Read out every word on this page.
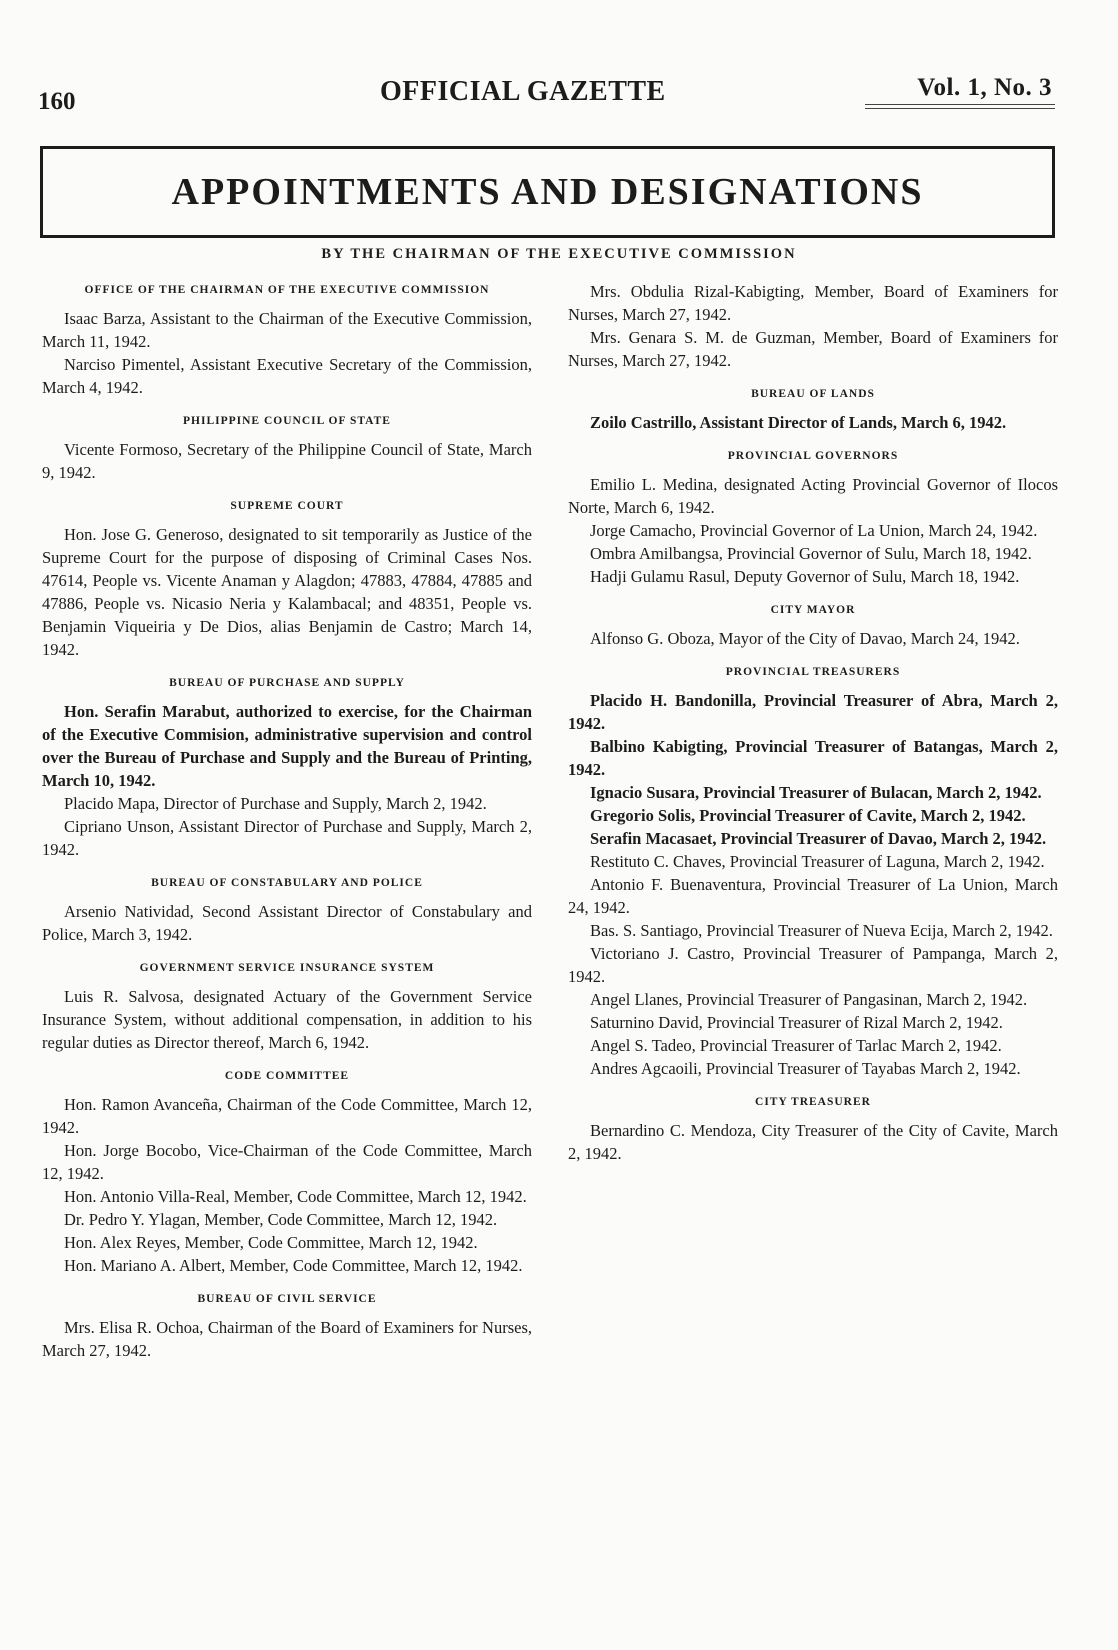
160	OFFICIAL GAZETTE	Vol. 1, No. 3
APPOINTMENTS AND DESIGNATIONS
BY THE CHAIRMAN OF THE EXECUTIVE COMMISSION
OFFICE OF THE CHAIRMAN OF THE EXECUTIVE COMMISSION

Isaac Barza, Assistant to the Chairman of the Executive Commission, March 11, 1942.

Narciso Pimentel, Assistant Executive Secretary of the Commission, March 4, 1942.

PHILIPPINE COUNCIL OF STATE

Vicente Formoso, Secretary of the Philippine Council of State, March 9, 1942.

SUPREME COURT

Hon. Jose G. Generoso, designated to sit temporarily as Justice of the Supreme Court for the purpose of disposing of Criminal Cases Nos. 47614, People vs. Vicente Anaman y Alagdon; 47883, 47884, 47885 and 47886, People vs. Nicasio Neria y Kalambacal; and 48351, People vs. Benjamin Viqueiria y De Dios, alias Benjamin de Castro; March 14, 1942.

BUREAU OF PURCHASE AND SUPPLY

Hon. Serafin Marabut, authorized to exercise, for the Chairman of the Executive Commision, administrative supervision and control over the Bureau of Purchase and Supply and the Bureau of Printing, March 10, 1942.

Placido Mapa, Director of Purchase and Supply, March 2, 1942.

Cipriano Unson, Assistant Director of Purchase and Supply, March 2, 1942.

BUREAU OF CONSTABULARY AND POLICE

Arsenio Natividad, Second Assistant Director of Constabulary and Police, March 3, 1942.

GOVERNMENT SERVICE INSURANCE SYSTEM

Luis R. Salvosa, designated Actuary of the Government Service Insurance System, without additional compensation, in addition to his regular duties as Director thereof, March 6, 1942.

CODE COMMITTEE

Hon. Ramon Avanceña, Chairman of the Code Committee, March 12, 1942.

Hon. Jorge Bocobo, Vice-Chairman of the Code Committee, March 12, 1942.

Hon. Antonio Villa-Real, Member, Code Committee, March 12, 1942.

Dr. Pedro Y. Ylagan, Member, Code Committee, March 12, 1942.

Hon. Alex Reyes, Member, Code Committee, March 12, 1942.

Hon. Mariano A. Albert, Member, Code Committee, March 12, 1942.

BUREAU OF CIVIL SERVICE

Mrs. Elisa R. Ochoa, Chairman of the Board of Examiners for Nurses, March 27, 1942.

Mrs. Obdulia Rizal-Kabigting, Member, Board of Examiners for Nurses, March 27, 1942.

Mrs. Genara S. M. de Guzman, Member, Board of Examiners for Nurses, March 27, 1942.

BUREAU OF LANDS

Zoilo Castrillo, Assistant Director of Lands, March 6, 1942.

PROVINCIAL GOVERNORS

Emilio L. Medina, designated Acting Provincial Governor of Ilocos Norte, March 6, 1942.

Jorge Camacho, Provincial Governor of La Union, March 24, 1942.

Ombra Amilbangsa, Provincial Governor of Sulu, March 18, 1942.

Hadji Gulamu Rasul, Deputy Governor of Sulu, March 18, 1942.

CITY MAYOR

Alfonso G. Oboza, Mayor of the City of Davao, March 24, 1942.

PROVINCIAL TREASURERS

Placido H. Bandonilla, Provincial Treasurer of Abra, March 2, 1942.

Balbino Kabigting, Provincial Treasurer of Batangas, March 2, 1942.

Ignacio Susara, Provincial Treasurer of Bulacan, March 2, 1942.

Gregorio Solis, Provincial Treasurer of Cavite, March 2, 1942.

Serafin Macasaet, Provincial Treasurer of Davao, March 2, 1942.

Restituto C. Chaves, Provincial Treasurer of Laguna, March 2, 1942.

Antonio F. Buenaventura, Provincial Treasurer of La Union, March 24, 1942.

Bas. S. Santiago, Provincial Treasurer of Nueva Ecija, March 2, 1942.

Victoriano J. Castro, Provincial Treasurer of Pampanga, March 2, 1942.

Angel Llanes, Provincial Treasurer of Pangasinan, March 2, 1942.

Saturnino David, Provincial Treasurer of Rizal March 2, 1942.

Angel S. Tadeo, Provincial Treasurer of Tarlac March 2, 1942.

Andres Agcaoili, Provincial Treasurer of Tayabas March 2, 1942.

CITY TREASURER

Bernardino C. Mendoza, City Treasurer of the City of Cavite, March 2, 1942.
